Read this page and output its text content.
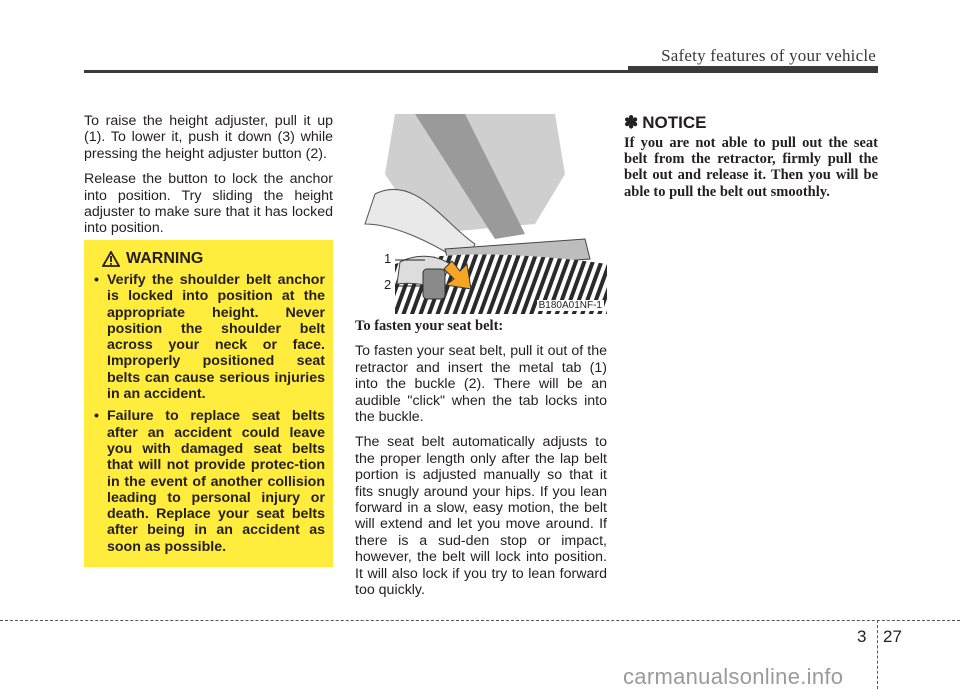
Safety features of your vehicle

To raise the height adjuster, pull it up (1). To lower it, push it down (3) while pressing the height adjuster button (2).

Release the button to lock the anchor into position. Try sliding the height adjuster to make sure that it has locked into position.

WARNING
• Verify the shoulder belt anchor is locked into position at the appropriate height. Never position the shoulder belt across your neck or face. Improperly positioned seat belts can cause serious injuries in an accident.
• Failure to replace seat belts after an accident could leave you with damaged seat belts that will not provide protec-tion in the event of another collision leading to personal injury or death. Replace your seat belts after being in an accident as soon as possible.
1
2
B180A01NF-1

To fasten your seat belt:

To fasten your seat belt, pull it out of the retractor and insert the metal tab (1) into the buckle (2). There will be an audible "click" when the tab locks into the buckle.

The seat belt automatically adjusts to the proper length only after the lap belt portion is adjusted manually so that it fits snugly around your hips. If you lean forward in a slow, easy motion, the belt will extend and let you move around. If there is a sud-den stop or impact, however, the belt will lock into position. It will also lock if you try to lean forward too quickly.

✽ NOTICE

If you are not able to pull out the seat belt from the retractor, firmly pull the belt out and release it. Then you will be able to pull the belt out smoothly.

3 27
carmanualsonline.info
